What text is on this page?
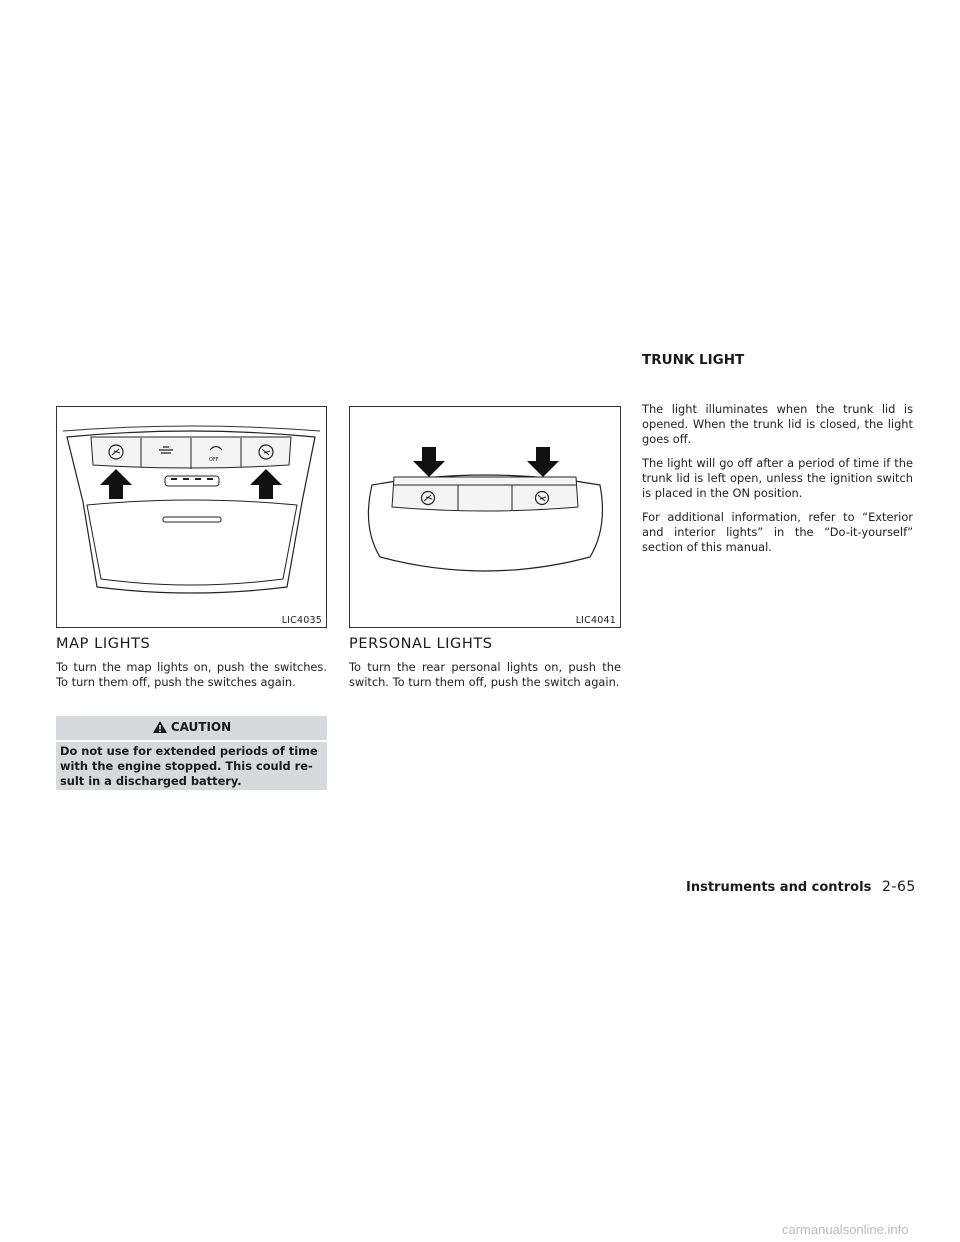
OFF
LIC4035	LIC4041
MAP LIGHTS

To turn the map lights on, push the switches. To turn them off, push the switches again.

CAUTION

Do not use for extended periods of time with the engine stopped. This could re-sult in a discharged battery.

PERSONAL LIGHTS

To turn the rear personal lights on, push the switch. To turn them off, push the switch again.

TRUNK LIGHT

The light illuminates when the trunk lid is opened. When the trunk lid is closed, the light goes off.

The light will go off after a period of time if the trunk lid is left open, unless the ignition switch is placed in the ON position.

For additional information, refer to “Exterior and interior lights” in the “Do-it-yourself” section of this manual.

Instruments and controls 2-65
carmanualsonline.info
